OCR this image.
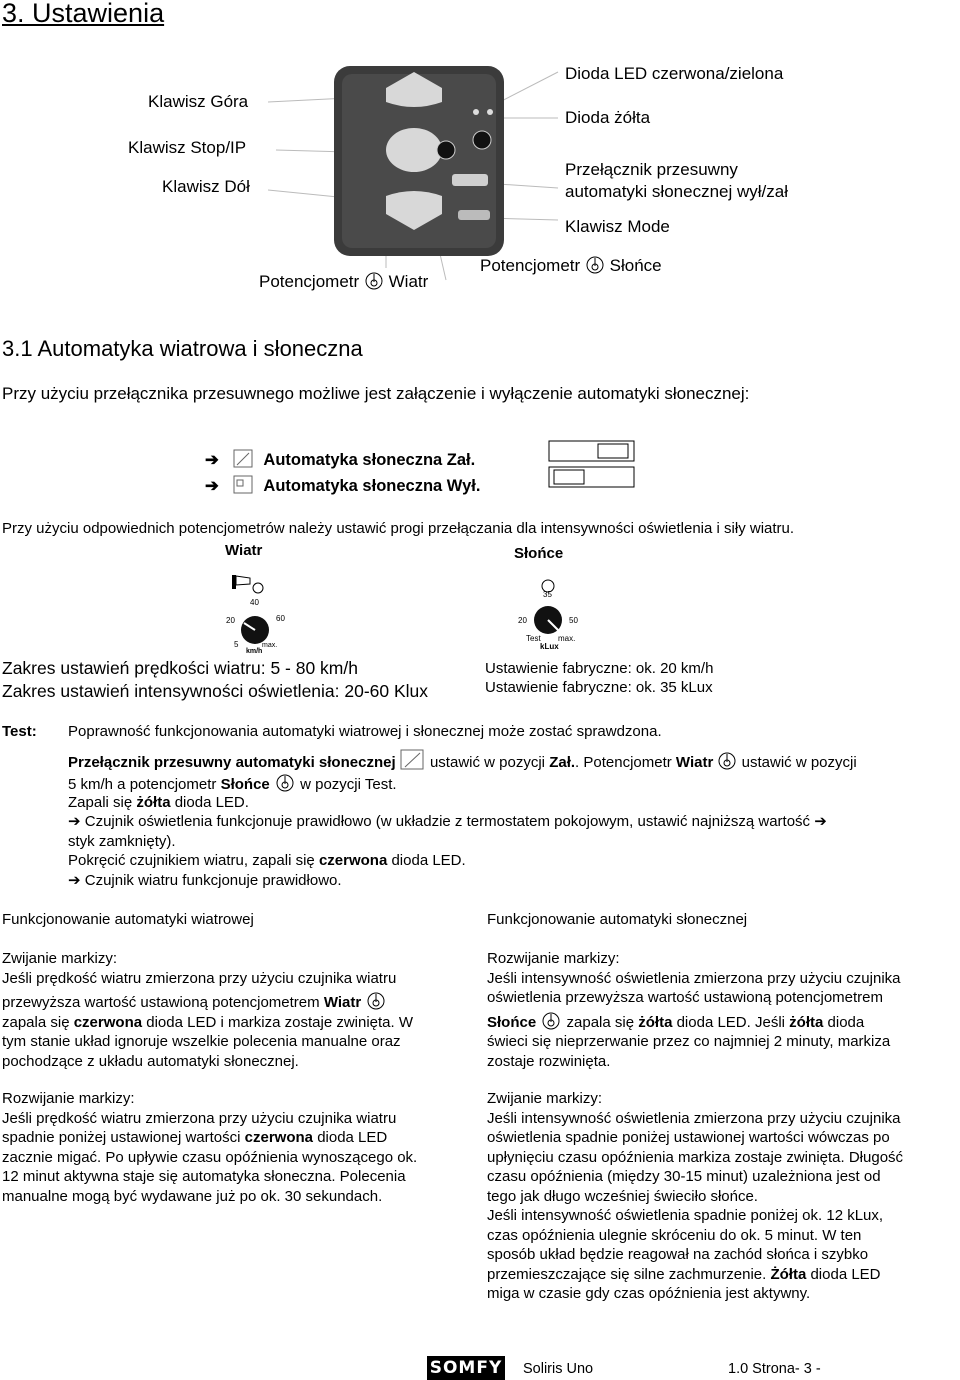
3. Ustawienia
Klawisz Góra
Klawisz Stop/IP
Klawisz Dół
Dioda LED czerwona/zielona
Dioda żółta
Przełącznik przesuwny
automatyki słonecznej wył/zał
Klawisz Mode
Potencjometr Wiatr
Potencjometr Słońce
3.1 Automatyka wiatrowa i słoneczna
Przy użyciu przełącznika przesuwnego możliwe jest załączenie i wyłączenie automatyki słonecznej:
➔	Automatyka słoneczna Zał.
➔	Automatyka słoneczna Wył.
Przy użyciu odpowiednich potencjometrów należy ustawić progi przełączania dla intensywności oświetlenia i siły wiatru.
Wiatr	Słońce
40
20	60
5	max.
km/h
35
20	50
Test max.
kLux
Zakres ustawień prędkości wiatru: 5 - 80 km/h
Zakres ustawień intensywności oświetlenia: 20-60 Klux
Ustawienie fabryczne: ok. 20 km/h
Ustawienie fabryczne: ok. 35 kLux
Test: Poprawność funkcjonowania automatyki wiatrowej i słonecznej może zostać sprawdzona.
Przełącznik przesuwny automatyki słonecznej ustawić w pozycji Zał.. Potencjometr Wiatr ustawić w pozycji
5 km/h a potencjometr Słońce w pozycji Test.
Zapali się żółta dioda LED.
➔ Czujnik oświetlenia funkcjonuje prawidłowo (w układzie z termostatem pokojowym, ustawić najniższą wartość ➔
styk zamknięty).
Pokręcić czujnikiem wiatru, zapali się czerwona dioda LED.
➔ Czujnik wiatru funkcjonuje prawidłowo.
Funkcjonowanie automatyki wiatrowej
Zwijanie markizy:
Jeśli prędkość wiatru zmierzona przy użyciu czujnika wiatru
przewyższa wartość ustawioną potencjometrem Wiatr
zapala się czerwona dioda LED i markiza zostaje zwinięta. W
tym stanie układ ignoruje wszelkie polecenia manualne oraz
pochodzące z układu automatyki słonecznej.
Rozwijanie markizy:
Jeśli prędkość wiatru zmierzona przy użyciu czujnika wiatru
spadnie poniżej ustawionej wartości czerwona dioda LED
zacznie migać. Po upływie czasu opóźnienia wynoszącego ok.
12 minut aktywna staje się automatyka słoneczna. Polecenia
manualne mogą być wydawane już po ok. 30 sekundach.
Funkcjonowanie automatyki słonecznej
Rozwijanie markizy:
Jeśli intensywność oświetlenia zmierzona przy użyciu czujnika
oświetlenia przewyższa wartość ustawioną potencjometrem
Słońce zapala się żółta dioda LED. Jeśli żółta dioda
świeci się nieprzerwanie przez co najmniej 2 minuty, markiza
zostaje rozwinięta.
Zwijanie markizy:
Jeśli intensywność oświetlenia zmierzona przy użyciu czujnika
oświetlenia spadnie poniżej ustawionej wartości wówczas po
upłynięciu czasu opóźnienia markiza zostaje zwinięta. Długość
czasu opóźnienia (między 30-15 minut) uzależniona jest od
tego jak długo wcześniej świeciło słońce.
Jeśli intensywność oświetlenia spadnie poniżej ok. 12 kLux,
czas opóźnienia ulegnie skróceniu do ok. 5 minut. W ten
sposób układ będzie reagował na zachód słońca i szybko
przemieszczające się silne zachmurzenie. Żółta dioda LED
miga w czasie gdy czas opóźnienia jest aktywny.
SOMFY Soliris Uno	1.0 Strona- 3 -
